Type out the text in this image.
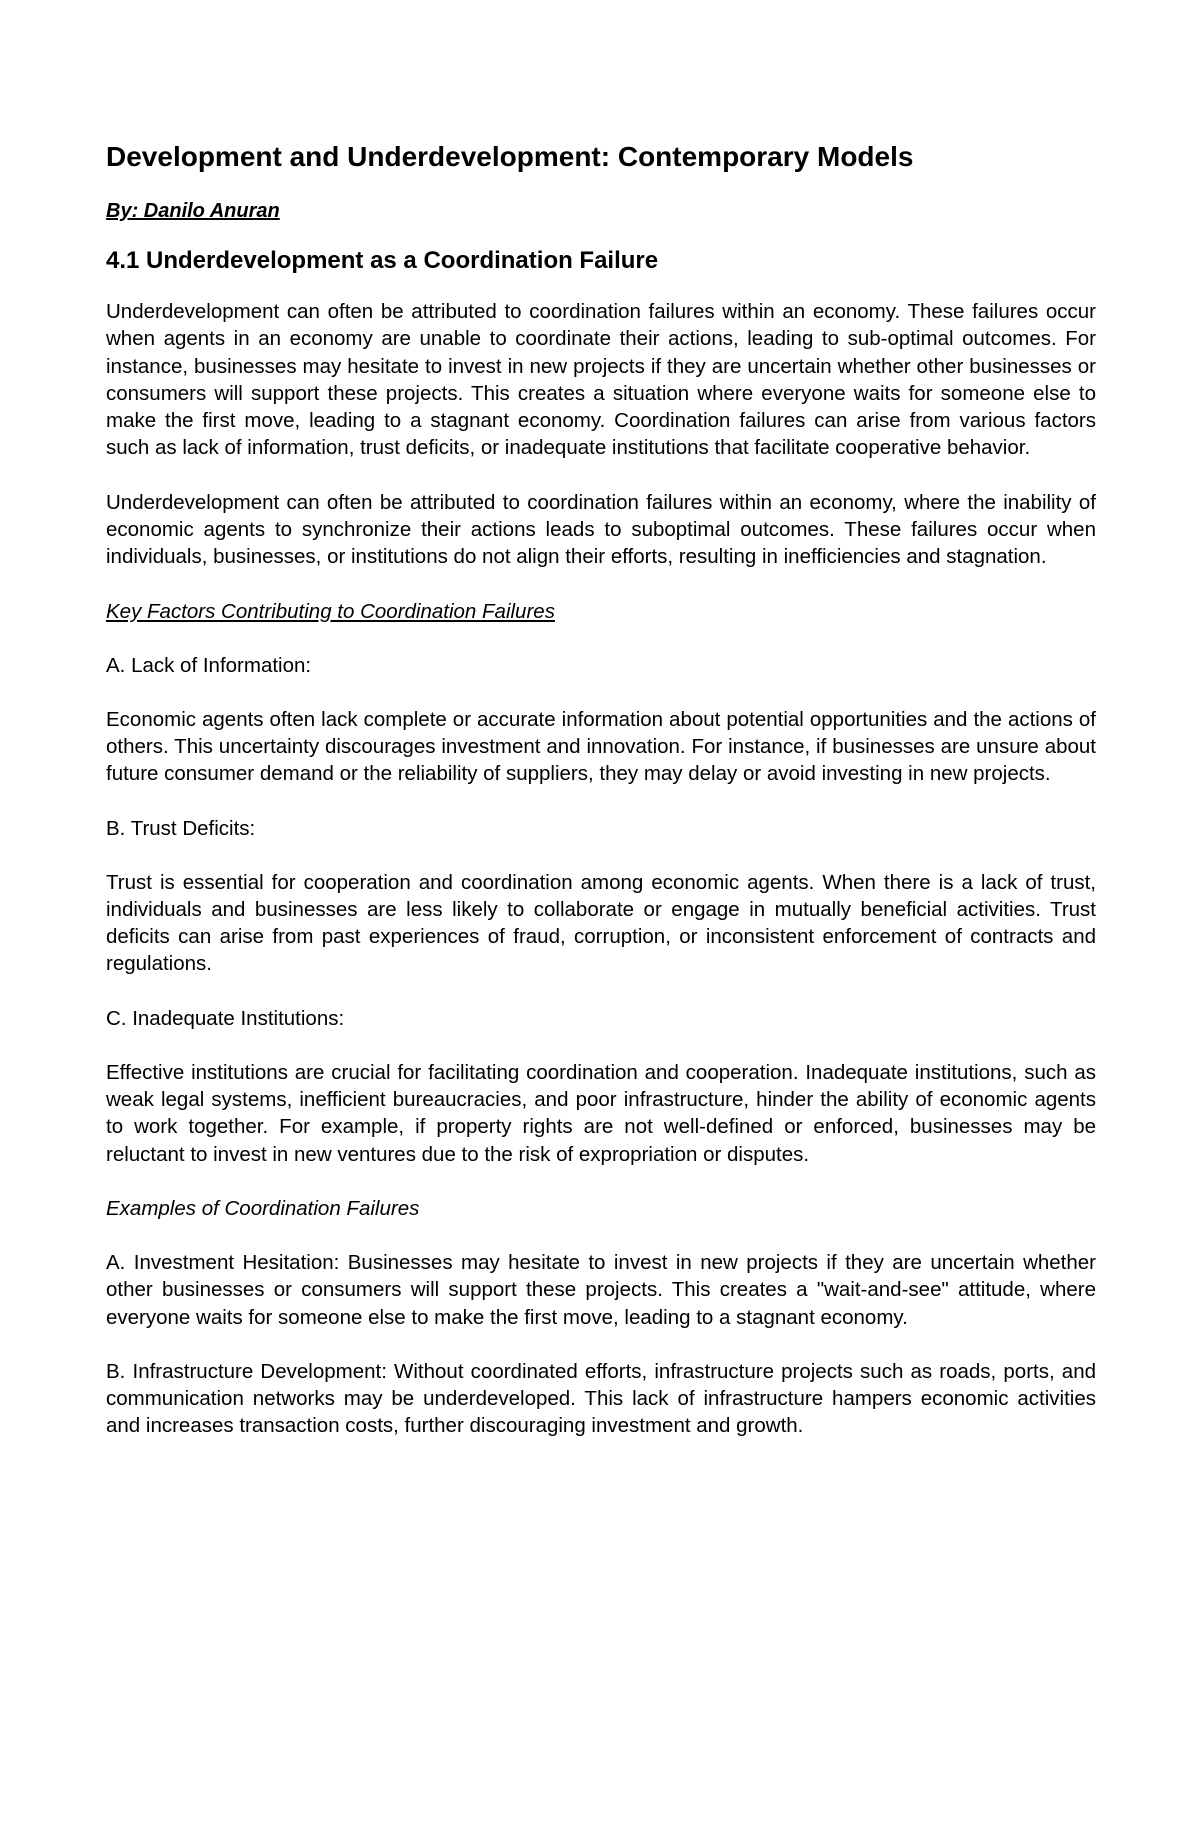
Development and Underdevelopment: Contemporary Models
By: Danilo Anuran
4.1 Underdevelopment as a Coordination Failure

Underdevelopment can often be attributed to coordination failures within an economy. These failures occur when agents in an economy are unable to coordinate their actions, leading to sub-optimal outcomes. For instance, businesses may hesitate to invest in new projects if they are uncertain whether other businesses or consumers will support these projects. This creates a situation where everyone waits for someone else to make the first move, leading to a stagnant economy. Coordination failures can arise from various factors such as lack of information, trust deficits, or inadequate institutions that facilitate cooperative behavior.

Underdevelopment can often be attributed to coordination failures within an economy, where the inability of economic agents to synchronize their actions leads to suboptimal outcomes. These failures occur when individuals, businesses, or institutions do not align their efforts, resulting in inefficiencies and stagnation.

Key Factors Contributing to Coordination Failures
A. Lack of Information:

Economic agents often lack complete or accurate information about potential opportunities and the actions of others. This uncertainty discourages investment and innovation. For instance, if businesses are unsure about future consumer demand or the reliability of suppliers, they may delay or avoid investing in new projects.

B. Trust Deficits:

Trust is essential for cooperation and coordination among economic agents. When there is a lack of trust, individuals and businesses are less likely to collaborate or engage in mutually beneficial activities. Trust deficits can arise from past experiences of fraud, corruption, or inconsistent enforcement of contracts and regulations.

C. Inadequate Institutions:

Effective institutions are crucial for facilitating coordination and cooperation. Inadequate institutions, such as weak legal systems, inefficient bureaucracies, and poor infrastructure, hinder the ability of economic agents to work together. For example, if property rights are not well-defined or enforced, businesses may be reluctant to invest in new ventures due to the risk of expropriation or disputes.

Examples of Coordination Failures

A. Investment Hesitation: Businesses may hesitate to invest in new projects if they are uncertain whether other businesses or consumers will support these projects. This creates a "wait-and-see" attitude, where everyone waits for someone else to make the first move, leading to a stagnant economy.

B. Infrastructure Development: Without coordinated efforts, infrastructure projects such as roads, ports, and communication networks may be underdeveloped. This lack of infrastructure hampers economic activities and increases transaction costs, further discouraging investment and growth.
